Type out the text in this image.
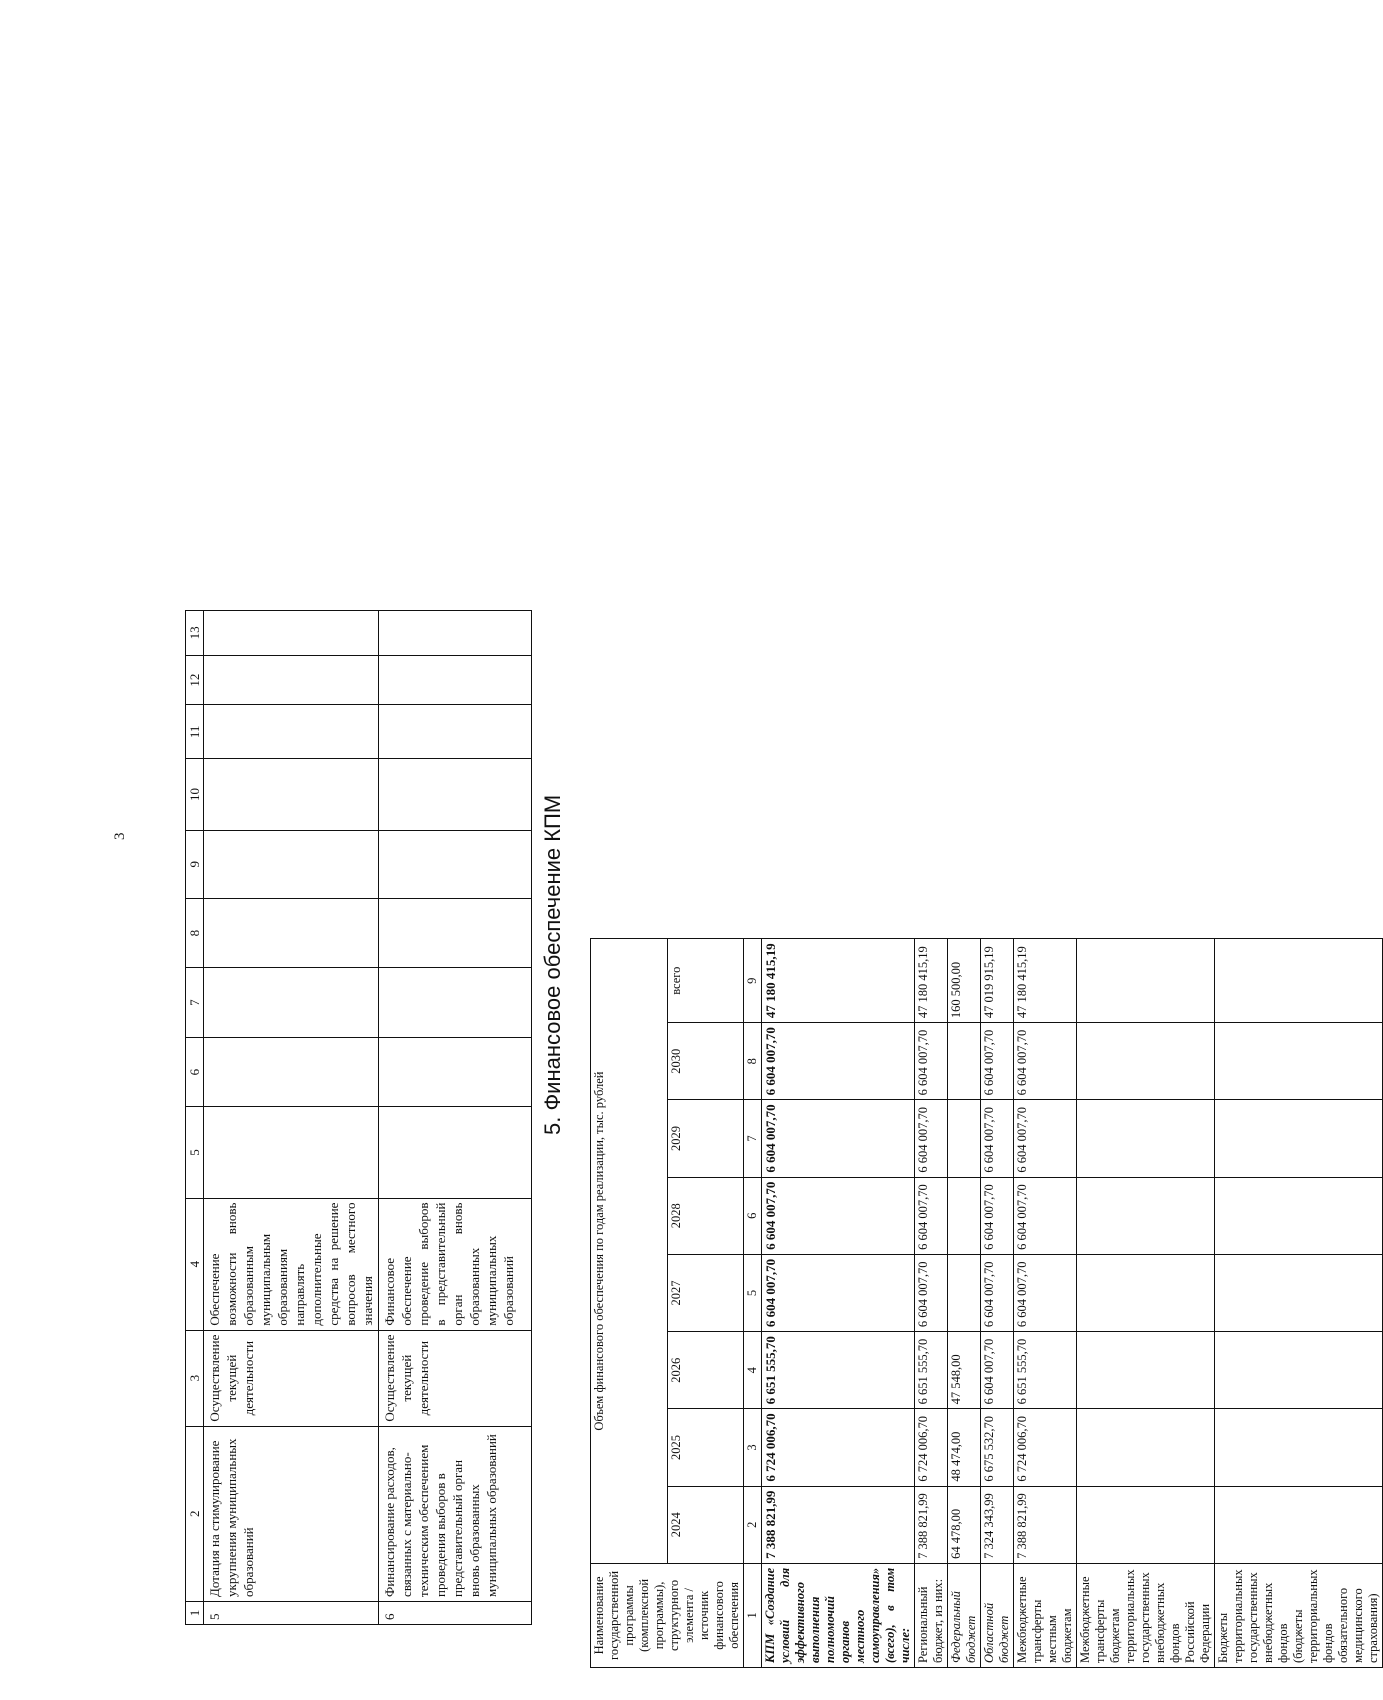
3
1	2	3	4	5	6	7	8	9	10	11	12	13
5	Дотация на стимулирование укрупнения муниципальных образований	Осуществление текущей деятельности	Обеспечение возможности вновь образованным муниципальным образованиям направлять дополнительные средства на решение вопросов местного значения									
6	Финансирование расходов, связанных с материально-техническим обеспечением проведения выборов в представительный орган вновь образованных муниципальных образований	Осуществление текущей деятельности	Финансовое обеспечение проведение выборов в представительный орган вновь образованных муниципальных образований									
5. Финансовое обеспечение КПМ
Наименование государственной программы (комплексной программы), структурного элемента / источник финансового обеспечения	Объем финансового обеспечения по годам реализации, тыс. рублей							
	2024	2025	2026	2027	2028	2029	2030	всего
1	2	3	4	5	6	7	8	9
КПМ «Создание условий для эффективного выполнения полномочий органов местного самоуправления» (всего), в том числе:	7 388 821,99	6 724 006,70	6 651 555,70	6 604 007,70	6 604 007,70	6 604 007,70	6 604 007,70	47 180 415,19
Региональный бюджет, из них:	7 388 821,99	6 724 006,70	6 651 555,70	6 604 007,70	6 604 007,70	6 604 007,70	6 604 007,70	47 180 415,19
Федеральный бюджет	64 478,00	48 474,00	47 548,00					160 500,00
Областной бюджет	7 324 343,99	6 675 532,70	6 604 007,70	6 604 007,70	6 604 007,70	6 604 007,70	6 604 007,70	47 019 915,19
Межбюджетные трансферты местным бюджетам	7 388 821,99	6 724 006,70	6 651 555,70	6 604 007,70	6 604 007,70	6 604 007,70	6 604 007,70	47 180 415,19
Межбюджетные трансферты бюджетам территориальных государственных внебюджетных фондов Российской Федерации								
Бюджеты территориальных государственных внебюджетных фондов (бюджеты территориальных фондов обязательного медицинского страхования)								
